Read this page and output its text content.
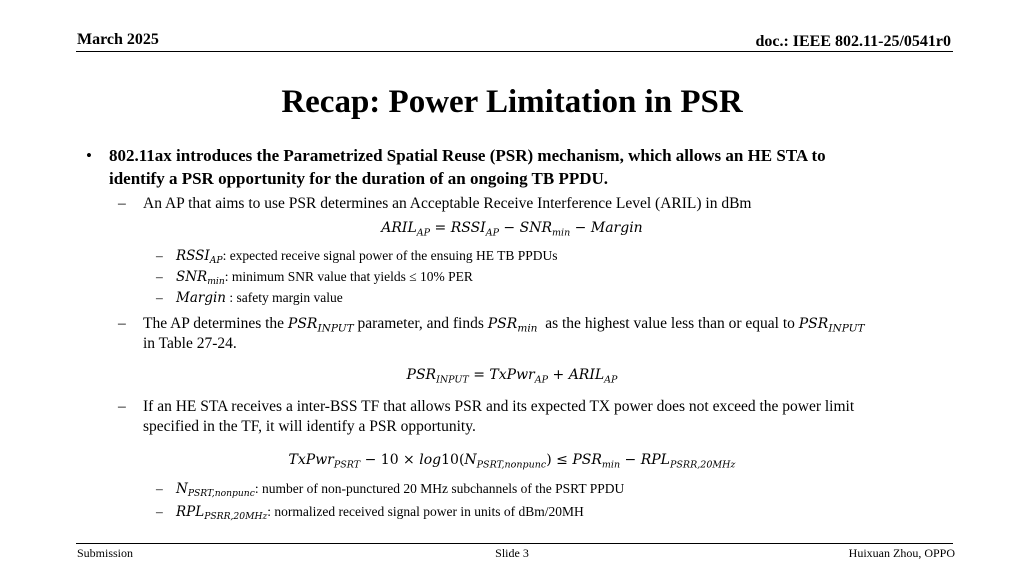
March 2025	doc.: IEEE 802.11-25/0541r0
Recap: Power Limitation in PSR
• 802.11ax introduces the Parametrized Spatial Reuse (PSR) mechanism, which allows an HE STA to
identify a PSR opportunity for the duration of an ongoing TB PPDU.
– An AP that aims to use PSR determines an Acceptable Receive Interference Level (ARIL) in dBm
$ARIL_{AP}$ = $RSSI_{AP} - SNR_{min}$ − Margin
– $RSSI_{AP}$: expected receive signal power of the ensuing HE TB PPDUs
– $SNR_{min}$: minimum SNR value that yields ≤ 10% PER
– Margin : safety margin value
– The AP determines the $PSR_{INPUT}$ parameter, and finds $PSR_{min}$ as the highest value less than or equal to $PSR_{INPUT}$
in Table 27-24.
$PSR_{INPUT}$ = TxPwr$_{AP}$ + $ARIL_{AP}$
– If an HE STA receives a inter-BSS TF that allows PSR and its expected TX power does not exceed the power limit
specified in the TF, it will identify a PSR opportunity.
TxPwr$_{PSRT}$ − $10 \times \log 10(N_{PSRT,nonpunc}) \le PSR_{min} - RPL_{PSRR,20MHz}$
– $N_{PSRT,nonpunc}$: number of non-punctured 20 MHz subchannels of the PSRT PPDU
– $RPL_{PSRR,20MHz}$: normalized received signal power in units of dBm/20MH
Submission	Slide 3	Huixuan Zhou, OPPO
